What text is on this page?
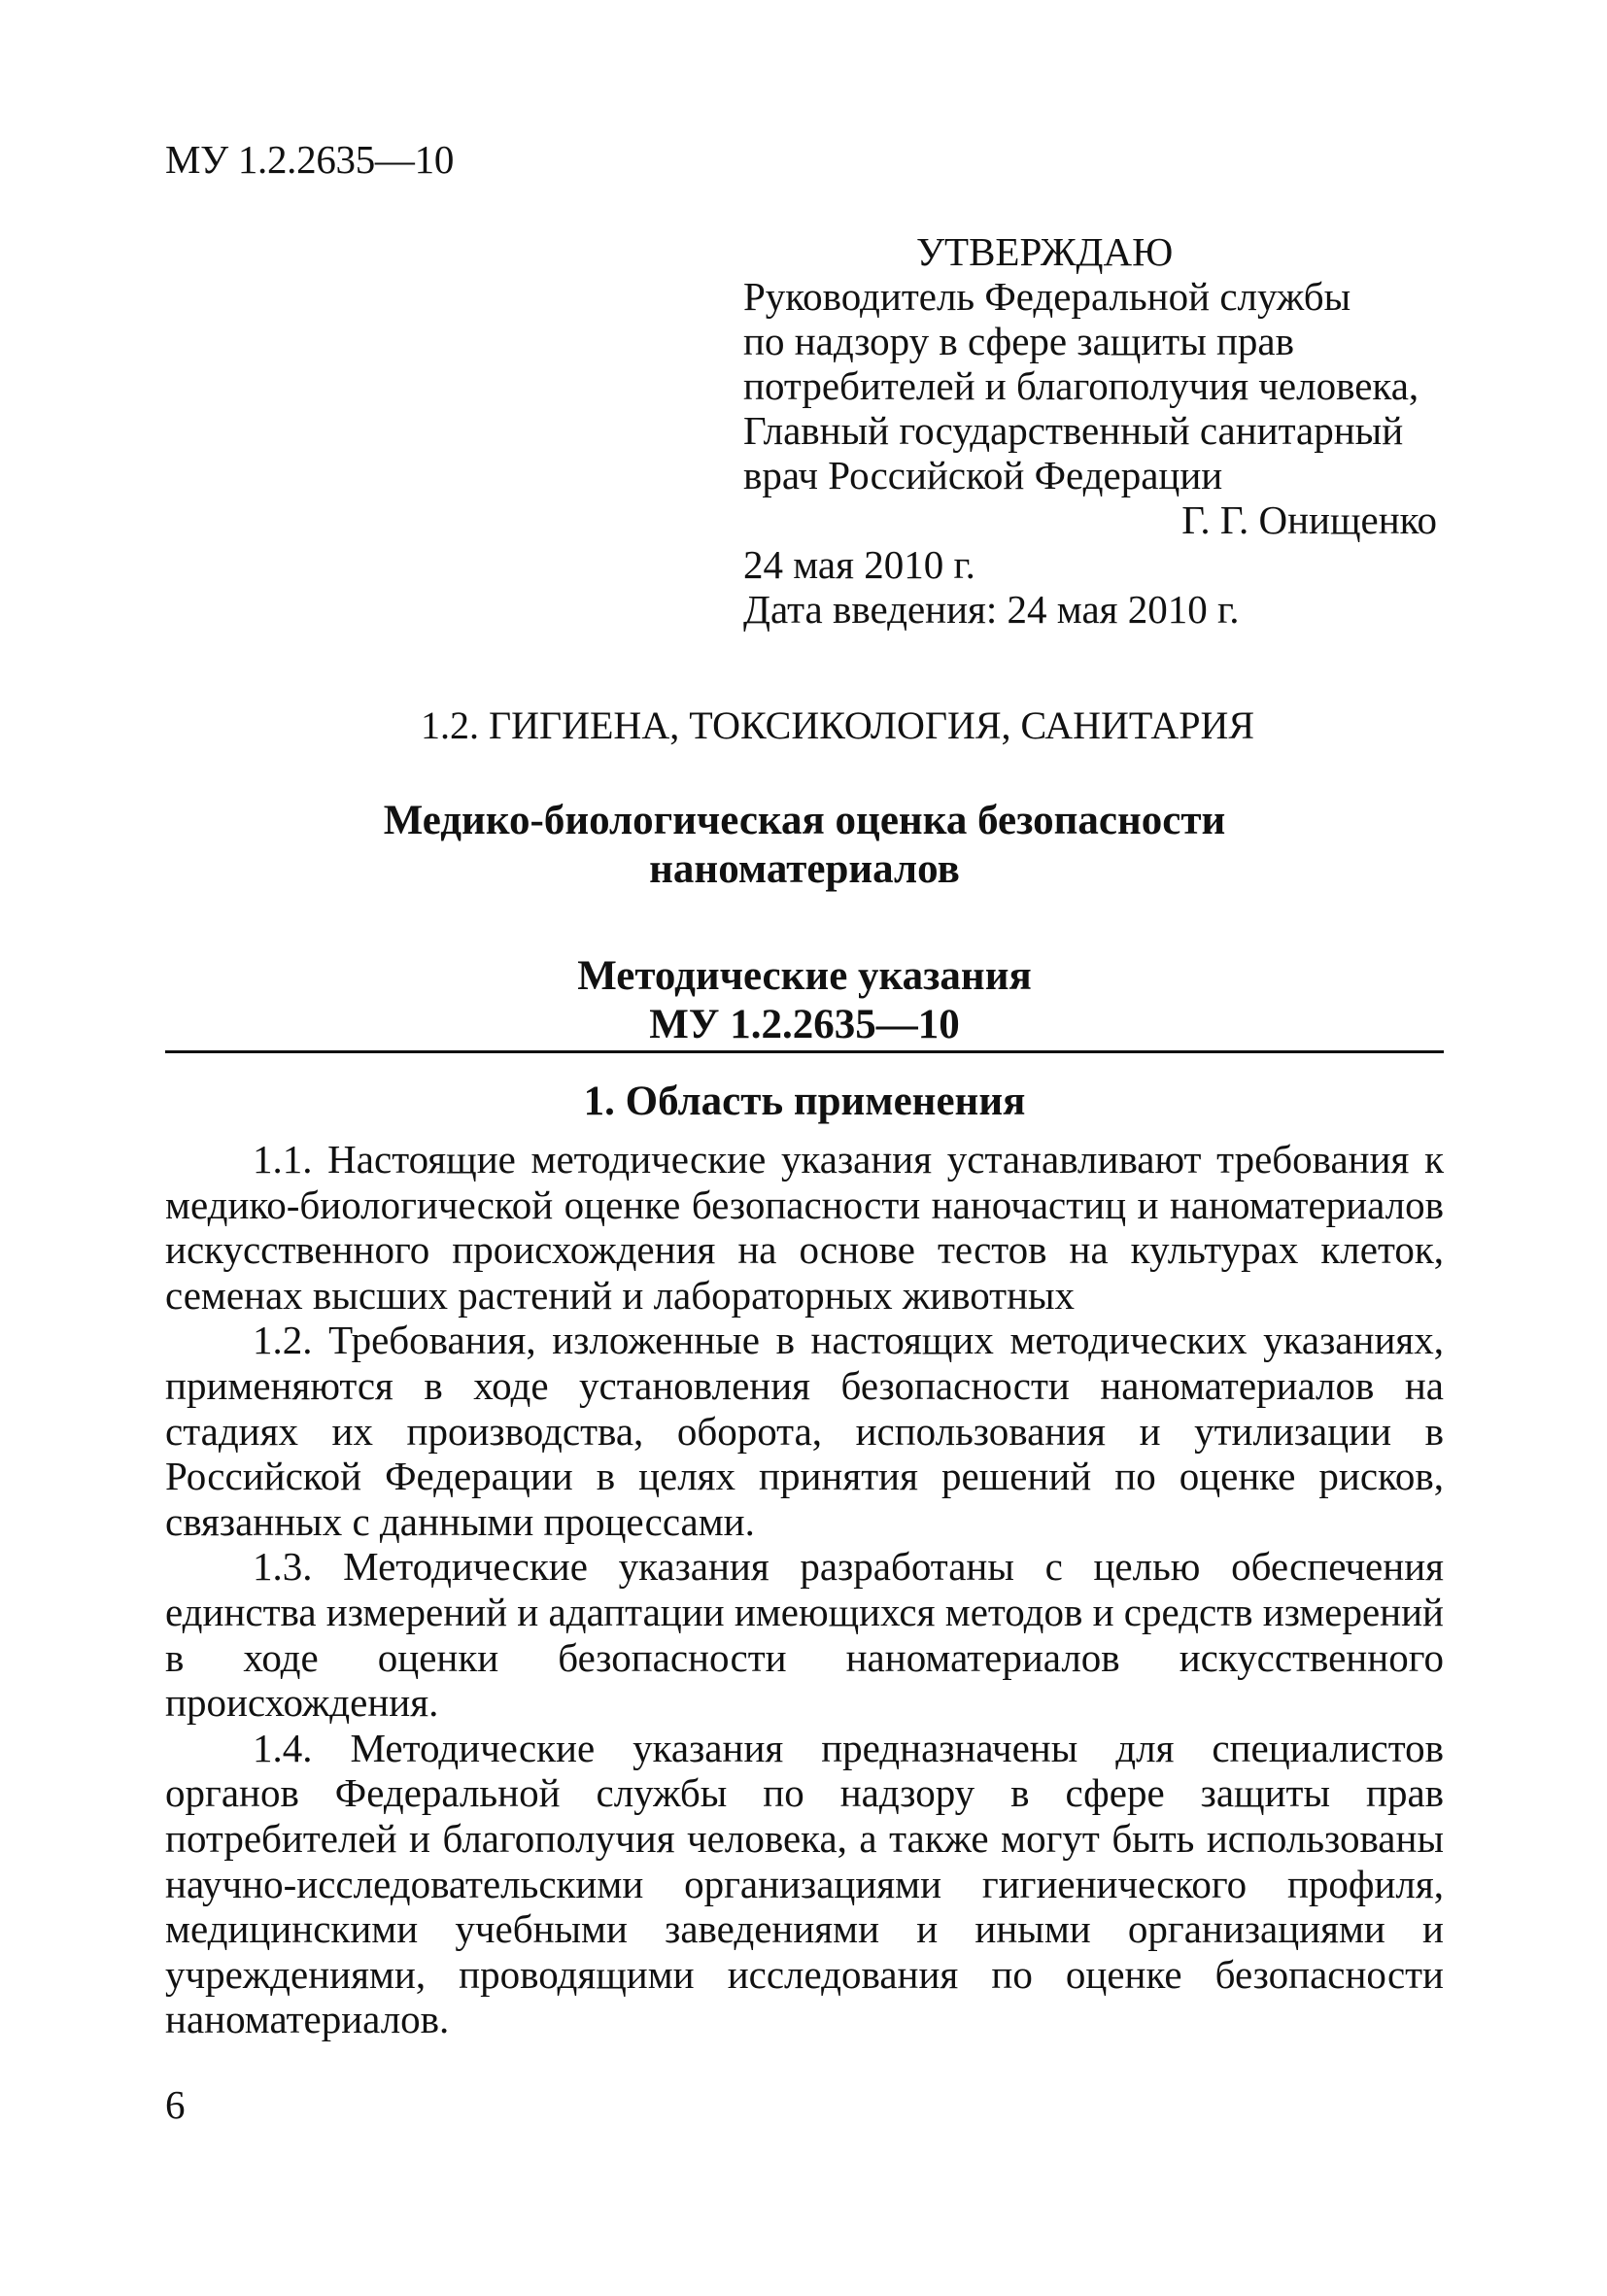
МУ 1.2.2635—10
УТВЕРЖДАЮ
Руководитель Федеральной службы
по надзору в сфере защиты прав
потребителей и благополучия человека,
Главный государственный санитарный
врач Российской Федерации
Г. Г. Онищенко
24 мая 2010 г.
Дата введения: 24 мая 2010 г.
1.2. ГИГИЕНА, ТОКСИКОЛОГИЯ, САНИТАРИЯ
Медико-биологическая оценка безопасности
наноматериалов
Методические указания
МУ 1.2.2635—10
1. Область применения

1.1. Настоящие методические указания устанавливают требования к медико-биологической оценке безопасности наночастиц и наноматериалов искусственного происхождения на основе тестов на культурах клеток, семенах высших растений и лабораторных животных

1.2. Требования, изложенные в настоящих методических указаниях, применяются в ходе установления безопасности наноматериалов на стадиях их производства, оборота, использования и утилизации в Российской Федерации в целях принятия решений по оценке рисков, связанных с данными процессами.

1.3. Методические указания разработаны с целью обеспечения единства измерений и адаптации имеющихся методов и средств измерений в ходе оценки безопасности наноматериалов искусственного происхождения.

1.4. Методические указания предназначены для специалистов органов Федеральной службы по надзору в сфере защиты прав потребителей и благополучия человека, а также могут быть использованы научно-исследовательскими организациями гигиенического профиля, медицинскими учебными заведениями и иными организациями и учреждениями, проводящими исследования по оценке безопасности наноматериалов.

6
